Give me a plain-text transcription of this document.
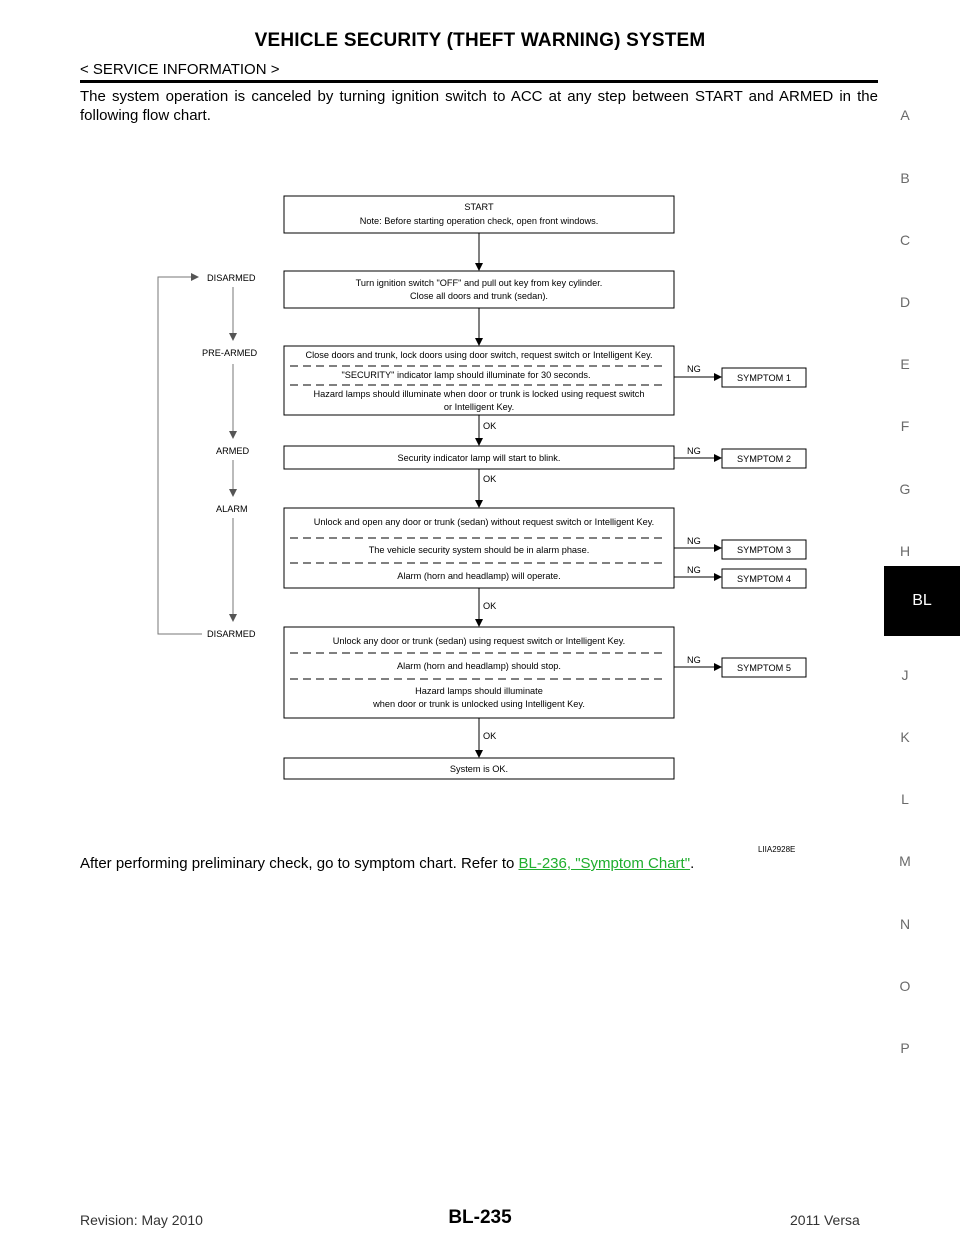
VEHICLE SECURITY (THEFT WARNING) SYSTEM
< SERVICE INFORMATION >
The system operation is canceled by turning ignition switch to ACC at any step between START and ARMED in the following flow chart.	A
B
C
D
E
F
G
H
BL
J
K
L
M
N
O
P
DISARMED
PRE-ARMED
ARMED
ALARM
DISARMED
START
Note: Before starting operation check, open front windows.
Turn ignition switch "OFF" and pull out key from key cylinder.
Close all doors and trunk (sedan).
Close doors and trunk, lock doors using door switch, request switch or Intelligent Key.
"SECURITY" indicator lamp should illuminate for 30 seconds.
Hazard lamps should illuminate when door or trunk is locked using request switch
or Intelligent Key.
NG
SYMPTOM 1
OK
Security indicator lamp will start to blink.
NG
SYMPTOM 2
OK
Unlock and open any door or trunk (sedan) without request switch or Intelligent Key.
The vehicle security system should be in alarm phase.
Alarm (horn and headlamp) will operate.
NG
SYMPTOM 3
NG
SYMPTOM 4
OK
Unlock any door or trunk (sedan) using request switch or Intelligent Key.
Alarm (horn and headlamp) should stop.
Hazard lamps should illuminate
when door or trunk is unlocked using Intelligent Key.
NG
SYMPTOM 5
OK
System is OK.
LIIA2928E
After performing preliminary check, go to symptom chart. Refer to BL-236, "Symptom Chart".
Revision: May 2010	BL-235	2011 Versa
